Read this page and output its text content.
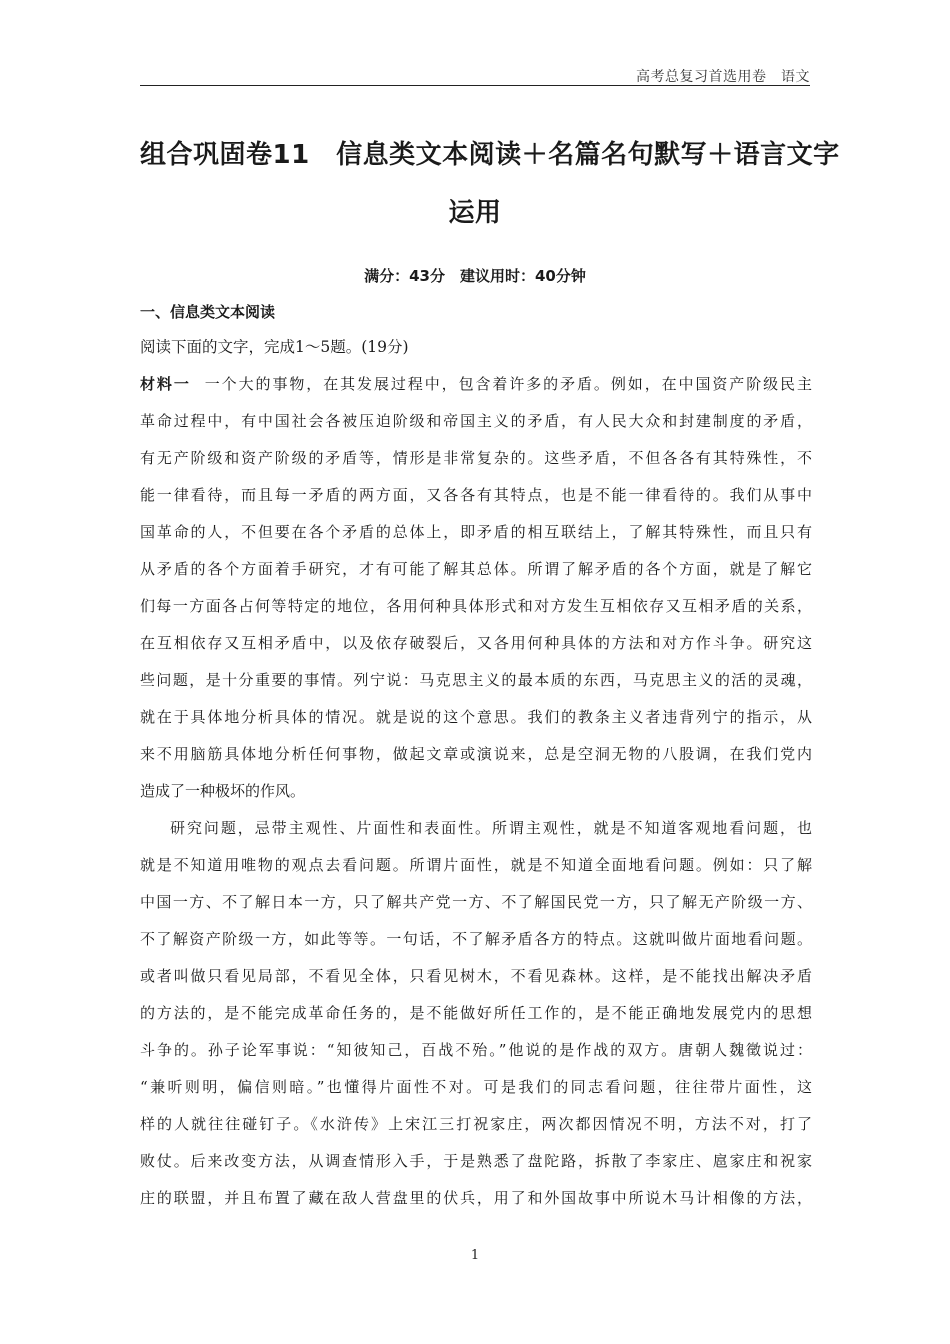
高考总复习首选用卷　语文
组合巩固卷11　信息类文本阅读＋名篇名句默写＋语言文字
运用
满分：43分　建议用时：40分钟
一、信息类文本阅读
阅读下面的文字，完成1～5题。(19分)
材料一 一个大的事物，在其发展过程中，包含着许多的矛盾。例如，在中国资产阶级民主
革命过程中，有中国社会各被压迫阶级和帝国主义的矛盾，有人民大众和封建制度的矛盾，
有无产阶级和资产阶级的矛盾等，情形是非常复杂的。这些矛盾，不但各各有其特殊性，不
能一律看待，而且每一矛盾的两方面，又各各有其特点，也是不能一律看待的。我们从事中
国革命的人，不但要在各个矛盾的总体上，即矛盾的相互联结上，了解其特殊性，而且只有
从矛盾的各个方面着手研究，才有可能了解其总体。所谓了解矛盾的各个方面，就是了解它
们每一方面各占何等特定的地位，各用何种具体形式和对方发生互相依存又互相矛盾的关系，
在互相依存又互相矛盾中，以及依存破裂后，又各用何种具体的方法和对方作斗争。研究这
些问题，是十分重要的事情。列宁说：马克思主义的最本质的东西，马克思主义的活的灵魂，
就在于具体地分析具体的情况。就是说的这个意思。我们的教条主义者违背列宁的指示，从
来不用脑筋具体地分析任何事物，做起文章或演说来，总是空洞无物的八股调，在我们党内
造成了一种极坏的作风。
研究问题，忌带主观性、片面性和表面性。所谓主观性，就是不知道客观地看问题，也
就是不知道用唯物的观点去看问题。所谓片面性，就是不知道全面地看问题。例如：只了解
中国一方、不了解日本一方，只了解共产党一方、不了解国民党一方，只了解无产阶级一方、
不了解资产阶级一方，如此等等。一句话，不了解矛盾各方的特点。这就叫做片面地看问题。
或者叫做只看见局部，不看见全体，只看见树木，不看见森林。这样，是不能找出解决矛盾
的方法的，是不能完成革命任务的，是不能做好所任工作的，是不能正确地发展党内的思想
斗争的。孙子论军事说：“知彼知己，百战不殆。”他说的是作战的双方。唐朝人魏徵说过：
“兼听则明，偏信则暗。”也懂得片面性不对。可是我们的同志看问题，往往带片面性，这
样的人就往往碰钉子。《水浒传》上宋江三打祝家庄，两次都因情况不明，方法不对，打了
败仗。后来改变方法，从调查情形入手，于是熟悉了盘陀路，拆散了李家庄、扈家庄和祝家
庄的联盟，并且布置了藏在敌人营盘里的伏兵，用了和外国故事中所说木马计相像的方法，
1
